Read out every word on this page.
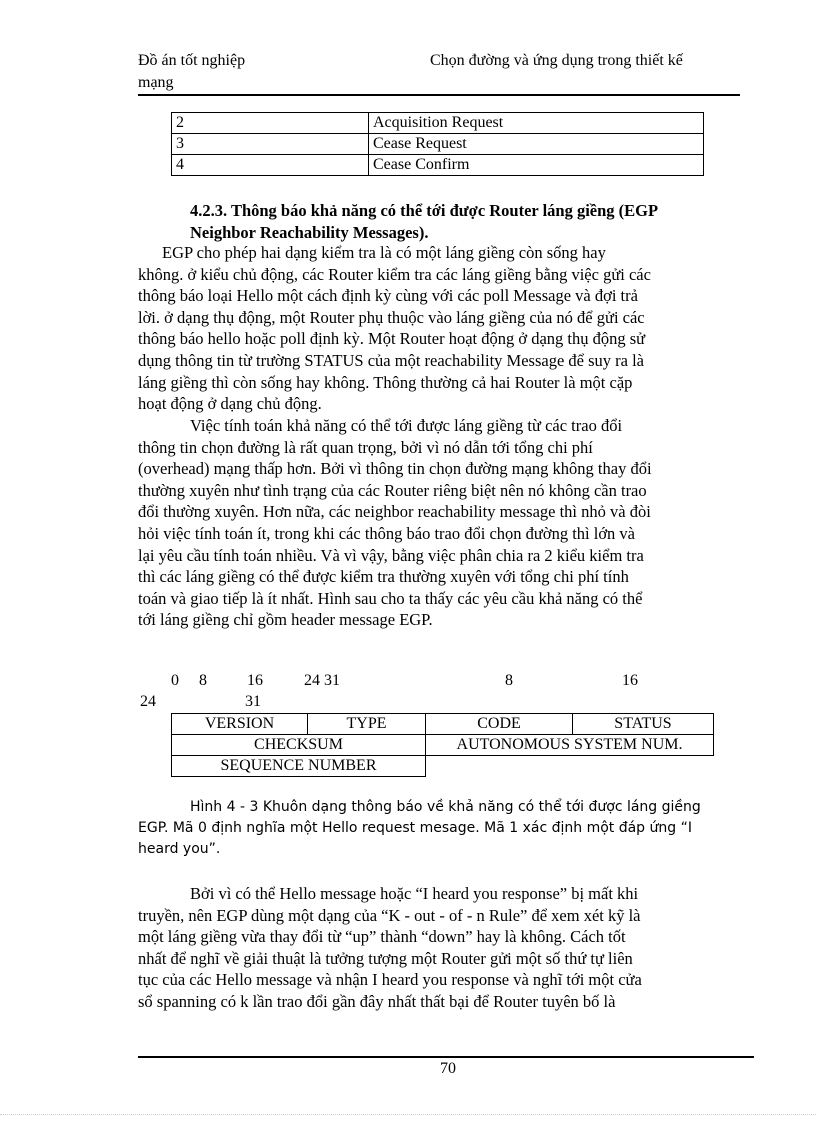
Đồ án tốt nghiệp
mạng
Chọn đường và ứng dụng trong thiết kế
2	Acquisition Request
3	Cease Request
4	Cease Confirm
4.2.3. Thông báo khả năng có thể tới được Router láng giềng (EGP
Neighbor Reachability Messages).
EGP cho phép hai dạng kiểm tra là có một láng giềng còn sống hay
không. ở kiểu chủ động, các Router kiểm tra các láng giềng bằng việc gửi các
thông báo loại Hello một cách định kỳ cùng với các poll Message và đợi trả
lời. ở dạng thụ động, một Router phụ thuộc vào láng giềng của nó để gửi các
thông báo hello hoặc poll định kỳ. Một Router hoạt động ở dạng thụ động sử
dụng thông tin từ trường STATUS của một reachability Message để suy ra là
láng giềng thì còn sống hay không. Thông thường cả hai Router là một cặp
hoạt động ở dạng chủ động.
Việc tính toán khả năng có thể tới được láng giềng từ các trao đổi
thông tin chọn đường là rất quan trọng, bởi vì nó dẫn tới tổng chi phí
(overhead) mạng thấp hơn. Bởi vì thông tin chọn đường mạng không thay đổi
thường xuyên như tình trạng của các Router riêng biệt nên nó không cần trao
đổi thường xuyên. Hơn nữa, các neighbor reachability message thì nhỏ và đòi
hỏi việc tính toán ít, trong khi các thông báo trao đổi chọn đường thì lớn và
lại yêu cầu tính toán nhiều. Và vì vậy, bằng việc phân chia ra 2 kiểu kiểm tra
thì các láng giềng có thể được kiểm tra thường xuyên với tổng chi phí tính
toán và giao tiếp là ít nhất. Hình sau cho ta thấy các yêu cầu khả năng có thể
tới láng giềng chỉ gồm header message EGP.
0 8	16	24 31	8	16
24	31
VERSION	TYPE	CODE	STATUS
CHECKSUM		AUTONOMOUS SYSTEM NUM.	
SEQUENCE NUMBER			
Hình 4 - 3 Khuôn dạng thông báo về khả năng có thể tới được láng giềng
EGP. Mã 0 định nghĩa một Hello request mesage. Mã 1 xác định một đáp ứng “I
heard you”.
Bởi vì có thể Hello message hoặc “I heard you response” bị mất khi
truyền, nên EGP dùng một dạng của “K - out - of - n Rule” để xem xét kỹ là
một láng giềng vừa thay đổi từ “up” thành “down” hay là không. Cách tốt
nhất để nghĩ về giải thuật là tưởng tượng một Router gửi một số thứ tự liên
tục của các Hello message và nhận I heard you response và nghĩ tới một cửa
sổ spanning có k lần trao đổi gần đây nhất thất bại để Router tuyên bố là
70
